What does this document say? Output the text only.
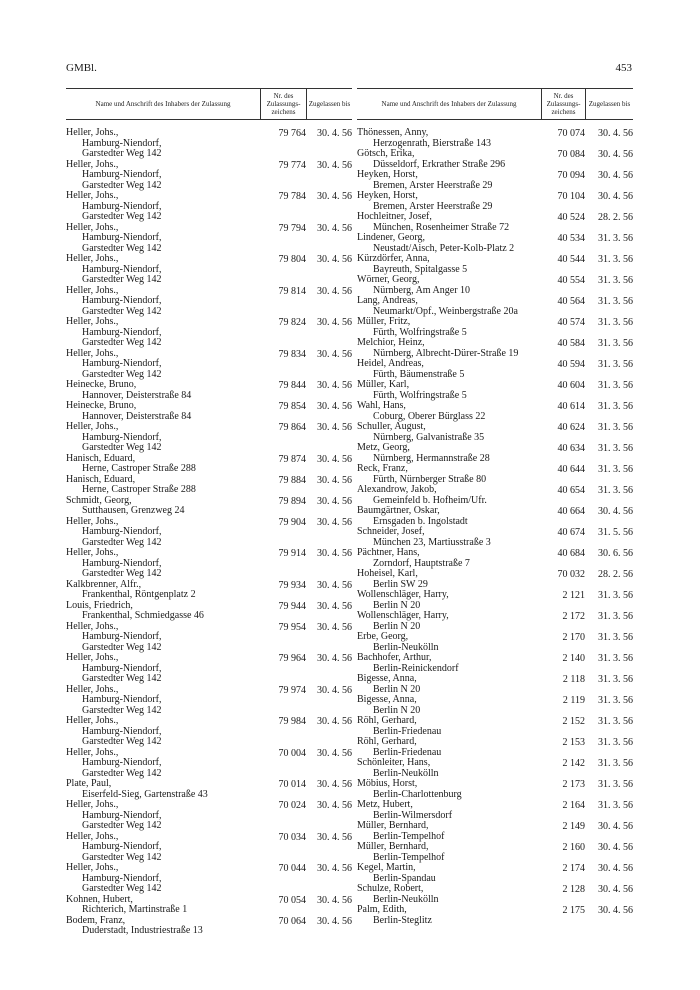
GMBl.	453
Name und Anschrift des Inhabers der Zulassung
Nr. des Zulassungs-zeichens
Zugelassen bis
Heller, Johs.,
Hamburg-Niendorf,
Garstedter Weg 142
79 764	30. 4. 56
Heller, Johs.,
Hamburg-Niendorf,
Garstedter Weg 142
79 774	30. 4. 56
Heller, Johs.,
Hamburg-Niendorf,
Garstedter Weg 142
79 784	30. 4. 56
Heller, Johs.,
Hamburg-Niendorf,
Garstedter Weg 142
79 794	30. 4. 56
Heller, Johs.,
Hamburg-Niendorf,
Garstedter Weg 142
79 804	30. 4. 56
Heller, Johs.,
Hamburg-Niendorf,
Garstedter Weg 142
79 814	30. 4. 56
Heller, Johs.,
Hamburg-Niendorf,
Garstedter Weg 142
79 824	30. 4. 56
Heller, Johs.,
Hamburg-Niendorf,
Garstedter Weg 142
79 834	30. 4. 56
Heinecke, Bruno,
Hannover, Deisterstraße 84
79 844	30. 4. 56
Heinecke, Bruno,
Hannover, Deisterstraße 84
79 854	30. 4. 56
Heller, Johs.,
Hamburg-Niendorf,
Garstedter Weg 142
79 864	30. 4. 56
Hanisch, Eduard,
Herne, Castroper Straße 288
79 874	30. 4. 56
Hanisch, Eduard,
Herne, Castroper Straße 288
79 884	30. 4. 56
Schmidt, Georg,
Sutthausen, Grenzweg 24
79 894	30. 4. 56
Heller, Johs.,
Hamburg-Niendorf,
Garstedter Weg 142
79 904	30. 4. 56
Heller, Johs.,
Hamburg-Niendorf,
Garstedter Weg 142
79 914	30. 4. 56
Kalkbrenner, Alfr.,
Frankenthal, Röntgenplatz 2
79 934	30. 4. 56
Louis, Friedrich,
Frankenthal, Schmiedgasse 46
79 944	30. 4. 56
Heller, Johs.,
Hamburg-Niendorf,
Garstedter Weg 142
79 954	30. 4. 56
Heller, Johs.,
Hamburg-Niendorf,
Garstedter Weg 142
79 964	30. 4. 56
Heller, Johs.,
Hamburg-Niendorf,
Garstedter Weg 142
79 974	30. 4. 56
Heller, Johs.,
Hamburg-Niendorf,
Garstedter Weg 142
79 984	30. 4. 56
Heller, Johs.,
Hamburg-Niendorf,
Garstedter Weg 142
70 004	30. 4. 56
Plate, Paul,
Eiserfeld-Sieg, Gartenstraße 43
70 014	30. 4. 56
Heller, Johs.,
Hamburg-Niendorf,
Garstedter Weg 142
70 024	30. 4. 56
Heller, Johs.,
Hamburg-Niendorf,
Garstedter Weg 142
70 034	30. 4. 56
Heller, Johs.,
Hamburg-Niendorf,
Garstedter Weg 142
70 044	30. 4. 56
Kohnen, Hubert,
Richterich, Martinstraße 1
70 054	30. 4. 56
Bodem, Franz,
Duderstadt, Industriestraße 13
70 064	30. 4. 56
Name und Anschrift des Inhabers der Zulassung
Nr. des Zulassungs-zeichens
Zugelassen bis
Thönessen, Anny,
Herzogenrath, Bierstraße 143
70 074	30. 4. 56
Götsch, Erika,
Düsseldorf, Erkrather Straße 296
70 084	30. 4. 56
Heyken, Horst,
Bremen, Arster Heerstraße 29
70 094	30. 4. 56
Heyken, Horst,
Bremen, Arster Heerstraße 29
70 104	30. 4. 56
Hochleitner, Josef,
München, Rosenheimer Straße 72
40 524	28. 2. 56
Lindener, Georg,
Neustadt/Aisch, Peter-Kolb-Platz 2
40 534	31. 3. 56
Kürzdörfer, Anna,
Bayreuth, Spitalgasse 5
40 544	31. 3. 56
Wörner, Georg,
Nürnberg, Am Anger 10
40 554	31. 3. 56
Lang, Andreas,
Neumarkt/Opf., Weinbergstraße 20a
40 564	31. 3. 56
Müller, Fritz,
Fürth, Wolfringstraße 5
40 574	31. 3. 56
Melchior, Heinz,
Nürnberg, Albrecht-Dürer-Straße 19
40 584	31. 3. 56
Heidel, Andreas,
Fürth, Bäumenstraße 5
40 594	31. 3. 56
Müller, Karl,
Fürth, Wolfringstraße 5
40 604	31. 3. 56
Wahl, Hans,
Coburg, Oberer Bürglass 22
40 614	31. 3. 56
Schuller, August,
Nürnberg, Galvanistraße 35
40 624	31. 3. 56
Metz, Georg,
Nürnberg, Hermannstraße 28
40 634	31. 3. 56
Reck, Franz,
Fürth, Nürnberger Straße 80
40 644	31. 3. 56
Alexandrow, Jakob,
Gemeinfeld b. Hofheim/Ufr.
40 654	31. 3. 56
Baumgärtner, Oskar,
Ernsgaden b. Ingolstadt
40 664	30. 4. 56
Schneider, Josef,
München 23, Martiusstraße 3
40 674	31. 5. 56
Pächtner, Hans,
Zorndorf, Hauptstraße 7
40 684	30. 6. 56
Hoheisel, Karl,
Berlin SW 29
70 032	28. 2. 56
Wollenschläger, Harry,
Berlin N 20
2 121	31. 3. 56
Wollenschläger, Harry,
Berlin N 20
2 172	31. 3. 56
Erbe, Georg,
Berlin-Neukölln
2 170	31. 3. 56
Bachhofer, Arthur,
Berlin-Reinickendorf
2 140	31. 3. 56
Bigesse, Anna,
Berlin N 20
2 118	31. 3. 56
Bigesse, Anna,
Berlin N 20
2 119	31. 3. 56
Röhl, Gerhard,
Berlin-Friedenau
2 152	31. 3. 56
Röhl, Gerhard,
Berlin-Friedenau
2 153	31. 3. 56
Schönleiter, Hans,
Berlin-Neukölln
2 142	31. 3. 56
Möbius, Horst,
Berlin-Charlottenburg
2 173	31. 3. 56
Metz, Hubert,
Berlin-Wilmersdorf
2 164	31. 3. 56
Müller, Bernhard,
Berlin-Tempelhof
2 149	30. 4. 56
Müller, Bernhard,
Berlin-Tempelhof
2 160	30. 4. 56
Kegel, Martin,
Berlin-Spandau
2 174	30. 4. 56
Schulze, Robert,
Berlin-Neukölln
2 128	30. 4. 56
Palm, Edith,
Berlin-Steglitz
2 175	30. 4. 56
